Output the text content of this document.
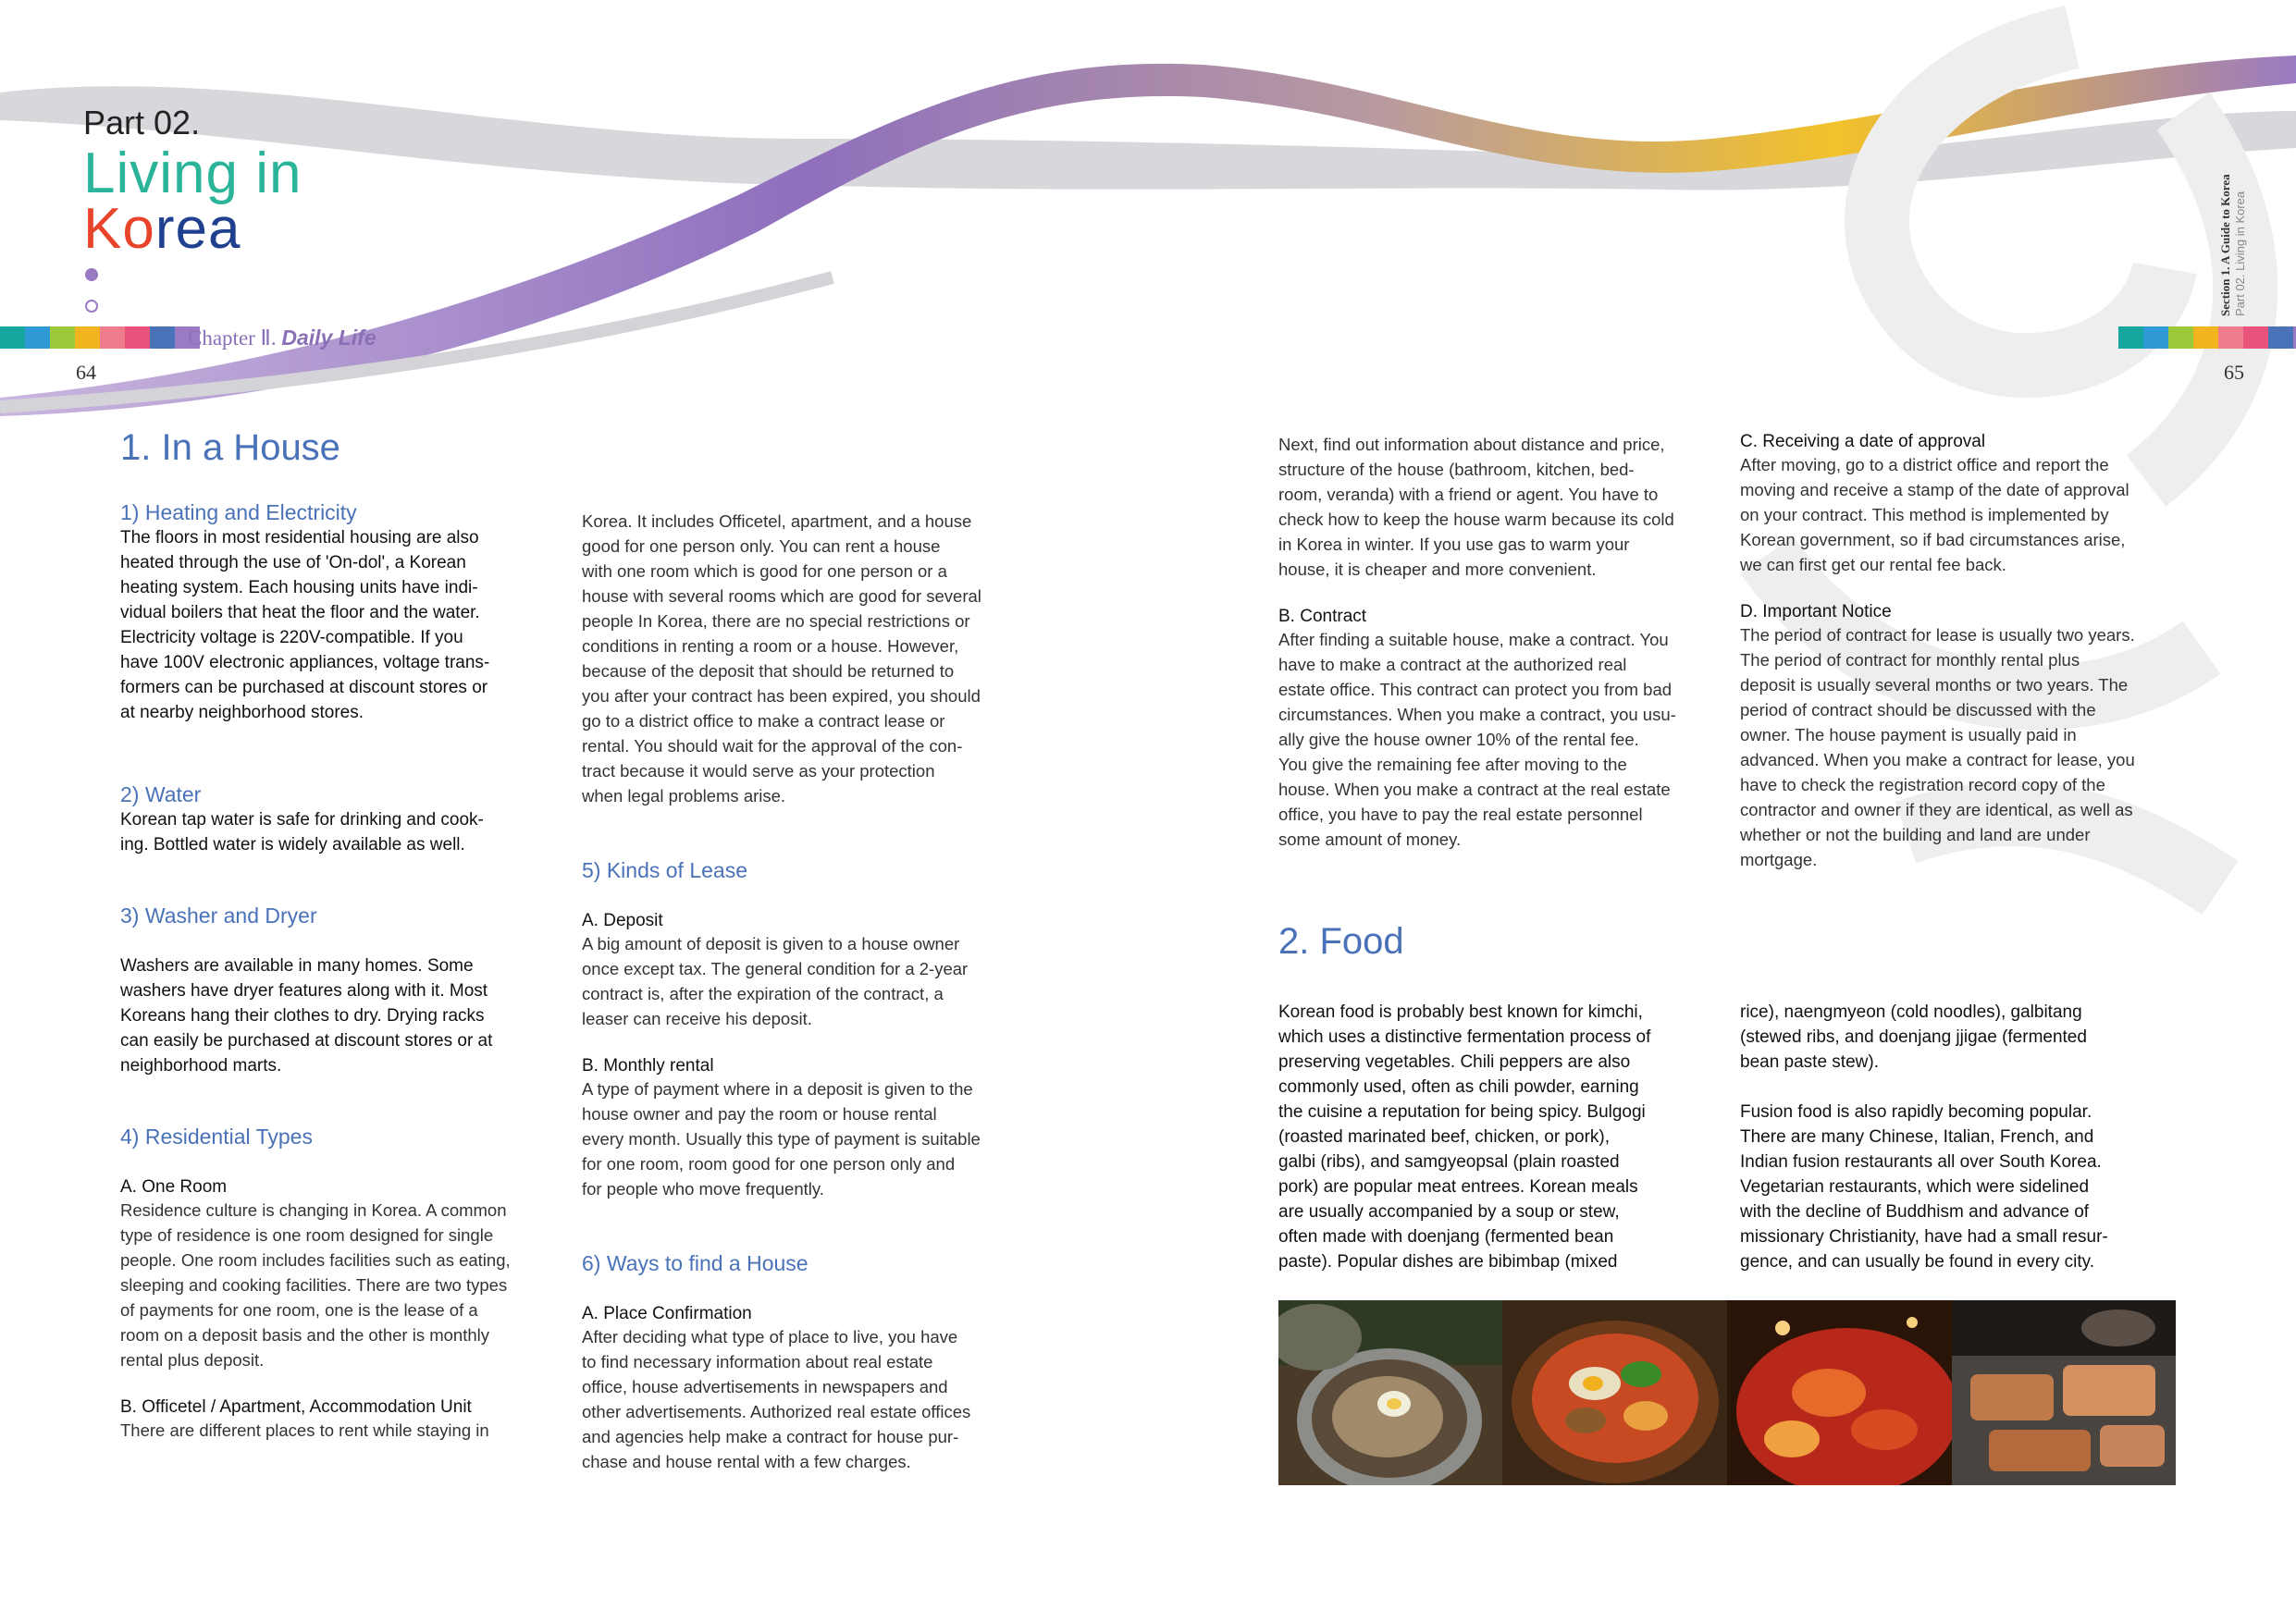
Part 02.
Living in
Korea
Chapter Ⅱ. Daily Life
64	65
Section 1. A Guide to Korea Part 02. Living in Korea

1. In a House

1) Heating and Electricity

The floors in most residential housing are also
heated through the use of 'On-dol', a Korean
heating system. Each housing units have indi-
vidual boilers that heat the floor and the water.
Electricity voltage is 220V-compatible. If you
have 100V electronic appliances, voltage trans-
formers can be purchased at discount stores or
at nearby neighborhood stores.

2) Water

Korean tap water is safe for drinking and cook-
ing. Bottled water is widely available as well.

3) Washer and Dryer

Washers are available in many homes. Some
washers have dryer features along with it. Most
Koreans hang their clothes to dry. Drying racks
can easily be purchased at discount stores or at
neighborhood marts.

4) Residential Types

A. One Room

Residence culture is changing in Korea. A common
type of residence is one room designed for single
people. One room includes facilities such as eating,
sleeping and cooking facilities. There are two types
of payments for one room, one is the lease of a
room on a deposit basis and the other is monthly
rental plus deposit.

B. Officetel / Apartment, Accommodation Unit

There are different places to rent while staying in
Korea. It includes Officetel, apartment, and a house
good for one person only. You can rent a house
with one room which is good for one person or a
house with several rooms which are good for several
people In Korea, there are no special restrictions or
conditions in renting a room or a house. However,
because of the deposit that should be returned to
you after your contract has been expired, you should
go to a district office to make a contract lease or
rental. You should wait for the approval of the con-
tract because it would serve as your protection
when legal problems arise.

5) Kinds of Lease

A. Deposit

A big amount of deposit is given to a house owner
once except tax. The general condition for a 2-year
contract is, after the expiration of the contract, a
leaser can receive his deposit.

B. Monthly rental

A type of payment where in a deposit is given to the
house owner and pay the room or house rental
every month. Usually this type of payment is suitable
for one room, room good for one person only and
for people who move frequently.

6) Ways to find a House

A. Place Confirmation

After deciding what type of place to live, you have
to find necessary information about real estate
office, house advertisements in newspapers and
other advertisements. Authorized real estate offices
and agencies help make a contract for house pur-
chase and house rental with a few charges.
Next, find out information about distance and price,
structure of the house (bathroom, kitchen, bed-
room, veranda) with a friend or agent. You have to
check how to keep the house warm because its cold
in Korea in winter. If you use gas to warm your
house, it is cheaper and more convenient.

B. Contract

After finding a suitable house, make a contract. You
have to make a contract at the authorized real
estate office. This contract can protect you from bad
circumstances. When you make a contract, you usu-
ally give the house owner 10% of the rental fee.
You give the remaining fee after moving to the
house. When you make a contract at the real estate
office, you have to pay the real estate personnel
some amount of money.

C. Receiving a date of approval

After moving, go to a district office and report the
moving and receive a stamp of the date of approval
on your contract. This method is implemented by
Korean government, so if bad circumstances arise,
we can first get our rental fee back.

D. Important Notice

The period of contract for lease is usually two years.
The period of contract for monthly rental plus
deposit is usually several months or two years. The
period of contract should be discussed with the
owner. The house payment is usually paid in
advanced. When you make a contract for lease, you
have to check the registration record copy of the
contractor and owner if they are identical, as well as
whether or not the building and land are under
mortgage.

2. Food

Korean food is probably best known for kimchi,
which uses a distinctive fermentation process of
preserving vegetables. Chili peppers are also
commonly used, often as chili powder, earning
the cuisine a reputation for being spicy. Bulgogi
(roasted marinated beef, chicken, or pork),
galbi (ribs), and samgyeopsal (plain roasted
pork) are popular meat entrees. Korean meals
are usually accompanied by a soup or stew,
often made with doenjang (fermented bean
paste). Popular dishes are bibimbap (mixed
rice), naengmyeon (cold noodles), galbitang
(stewed ribs, and doenjang jjigae (fermented
bean paste stew).
Fusion food is also rapidly becoming popular.
There are many Chinese, Italian, French, and
Indian fusion restaurants all over South Korea.
Vegetarian restaurants, which were sidelined
with the decline of Buddhism and advance of
missionary Christianity, have had a small resur-
gence, and can usually be found in every city.
